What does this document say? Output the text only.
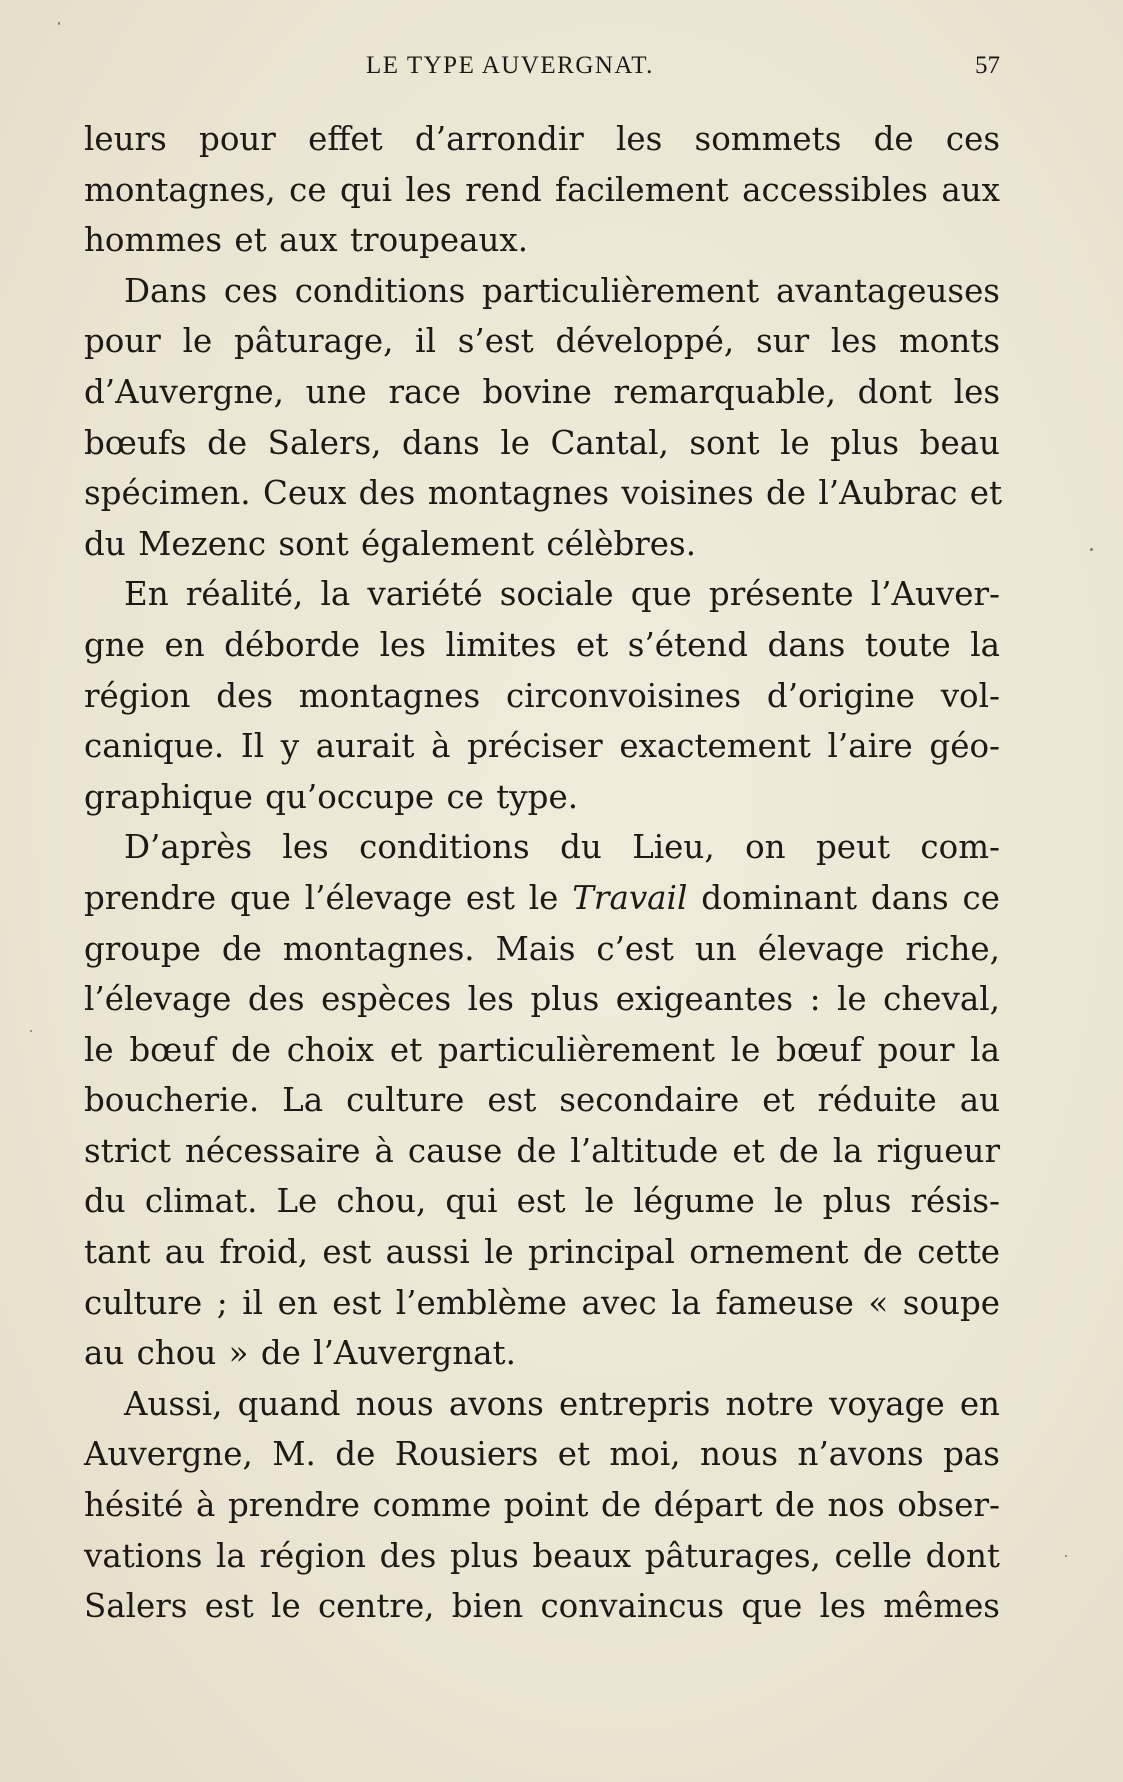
LE TYPE AUVERGNAT.	57
leurs pour effet d’arrondir les sommets de ces
montagnes, ce qui les rend facilement accessibles aux
hommes et aux troupeaux.
Dans ces conditions particulièrement avantageuses
pour le pâturage, il s’est développé, sur les monts
d’Auvergne, une race bovine remarquable, dont les
bœufs de Salers, dans le Cantal, sont le plus beau
spécimen. Ceux des montagnes voisines de l’Aubrac et
du Mezenc sont également célèbres.
En réalité, la variété sociale que présente l’Auver-
gne en déborde les limites et s’étend dans toute la
région des montagnes circonvoisines d’origine vol-
canique. Il y aurait à préciser exactement l’aire géo-
graphique qu’occupe ce type.
D’après les conditions du Lieu, on peut com-
prendre que l’élevage est le Travail dominant dans ce
groupe de montagnes. Mais c’est un élevage riche,
l’élevage des espèces les plus exigeantes : le cheval,
le bœuf de choix et particulièrement le bœuf pour la
boucherie. La culture est secondaire et réduite au
strict nécessaire à cause de l’altitude et de la rigueur
du climat. Le chou, qui est le légume le plus résis-
tant au froid, est aussi le principal ornement de cette
culture ; il en est l’emblème avec la fameuse « soupe
au chou » de l’Auvergnat.
Aussi, quand nous avons entrepris notre voyage en
Auvergne, M. de Rousiers et moi, nous n’avons pas
hésité à prendre comme point de départ de nos obser-
vations la région des plus beaux pâturages, celle dont
Salers est le centre, bien convaincus que les mêmes
